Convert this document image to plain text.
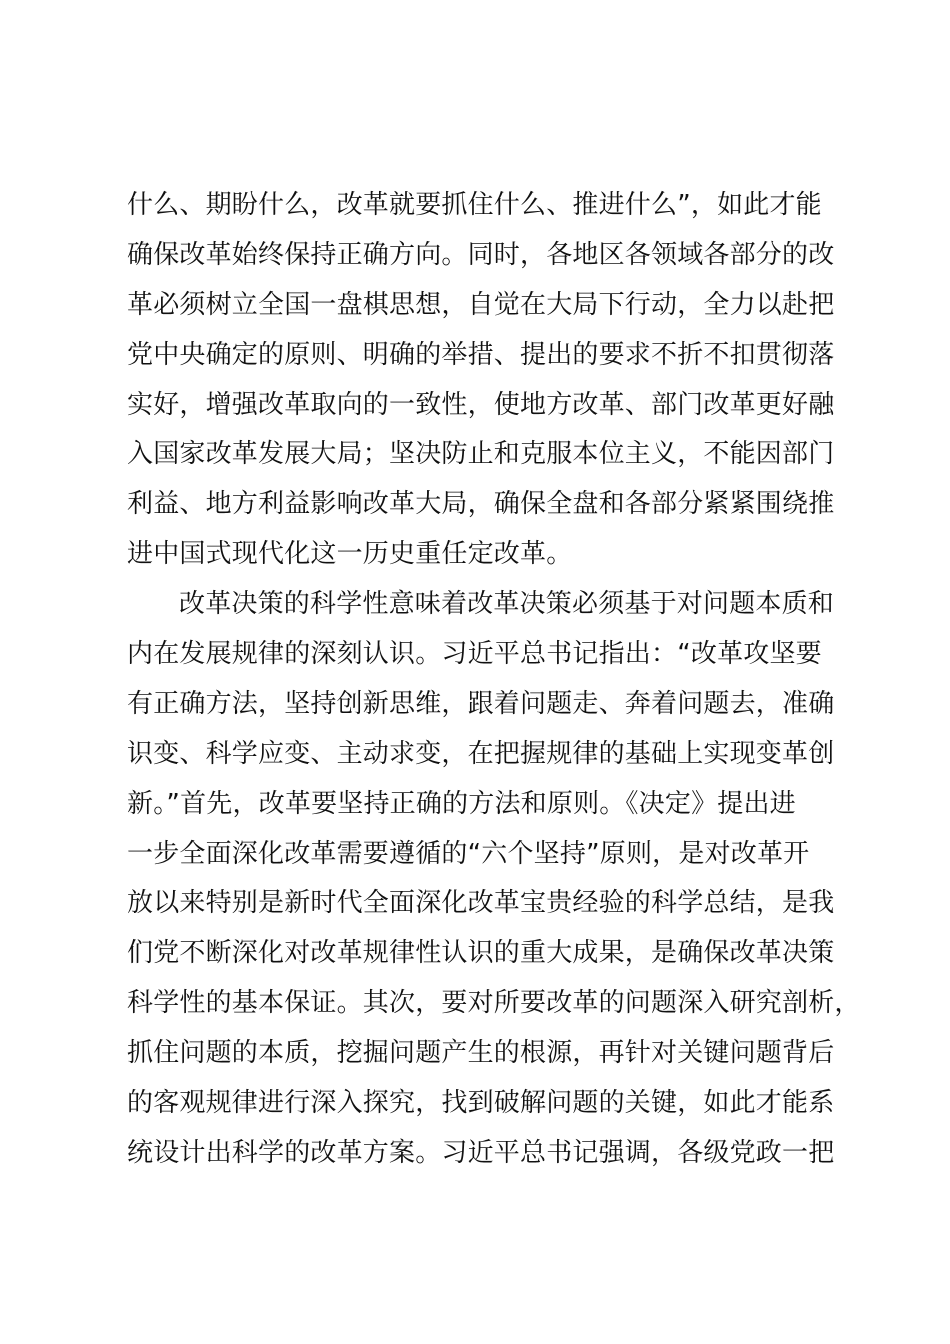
什么、期盼什么，改革就要抓住什么、推进什么”，如此才能
确保改革始终保持正确方向。同时，各地区各领域各部分的改
革必须树立全国一盘棋思想，自觉在大局下行动，全力以赴把
党中央确定的原则、明确的举措、提出的要求不折不扣贯彻落
实好，增强改革取向的一致性，使地方改革、部门改革更好融
入国家改革发展大局；坚决防止和克服本位主义，不能因部门
利益、地方利益影响改革大局，确保全盘和各部分紧紧围绕推
进中国式现代化这一历史重任定改革。
改革决策的科学性意味着改革决策必须基于对问题本质和
内在发展规律的深刻认识。习近平总书记指出：“改革攻坚要
有正确方法，坚持创新思维，跟着问题走、奔着问题去，准确
识变、科学应变、主动求变，在把握规律的基础上实现变革创
新。”首先，改革要坚持正确的方法和原则。《决定》提出进
一步全面深化改革需要遵循的“六个坚持”原则，是对改革开
放以来特别是新时代全面深化改革宝贵经验的科学总结，是我
们党不断深化对改革规律性认识的重大成果，是确保改革决策
科学性的基本保证。其次，要对所要改革的问题深入研究剖析，
抓住问题的本质，挖掘问题产生的根源，再针对关键问题背后
的客观规律进行深入探究，找到破解问题的关键，如此才能系
统设计出科学的改革方案。习近平总书记强调，各级党政一把
